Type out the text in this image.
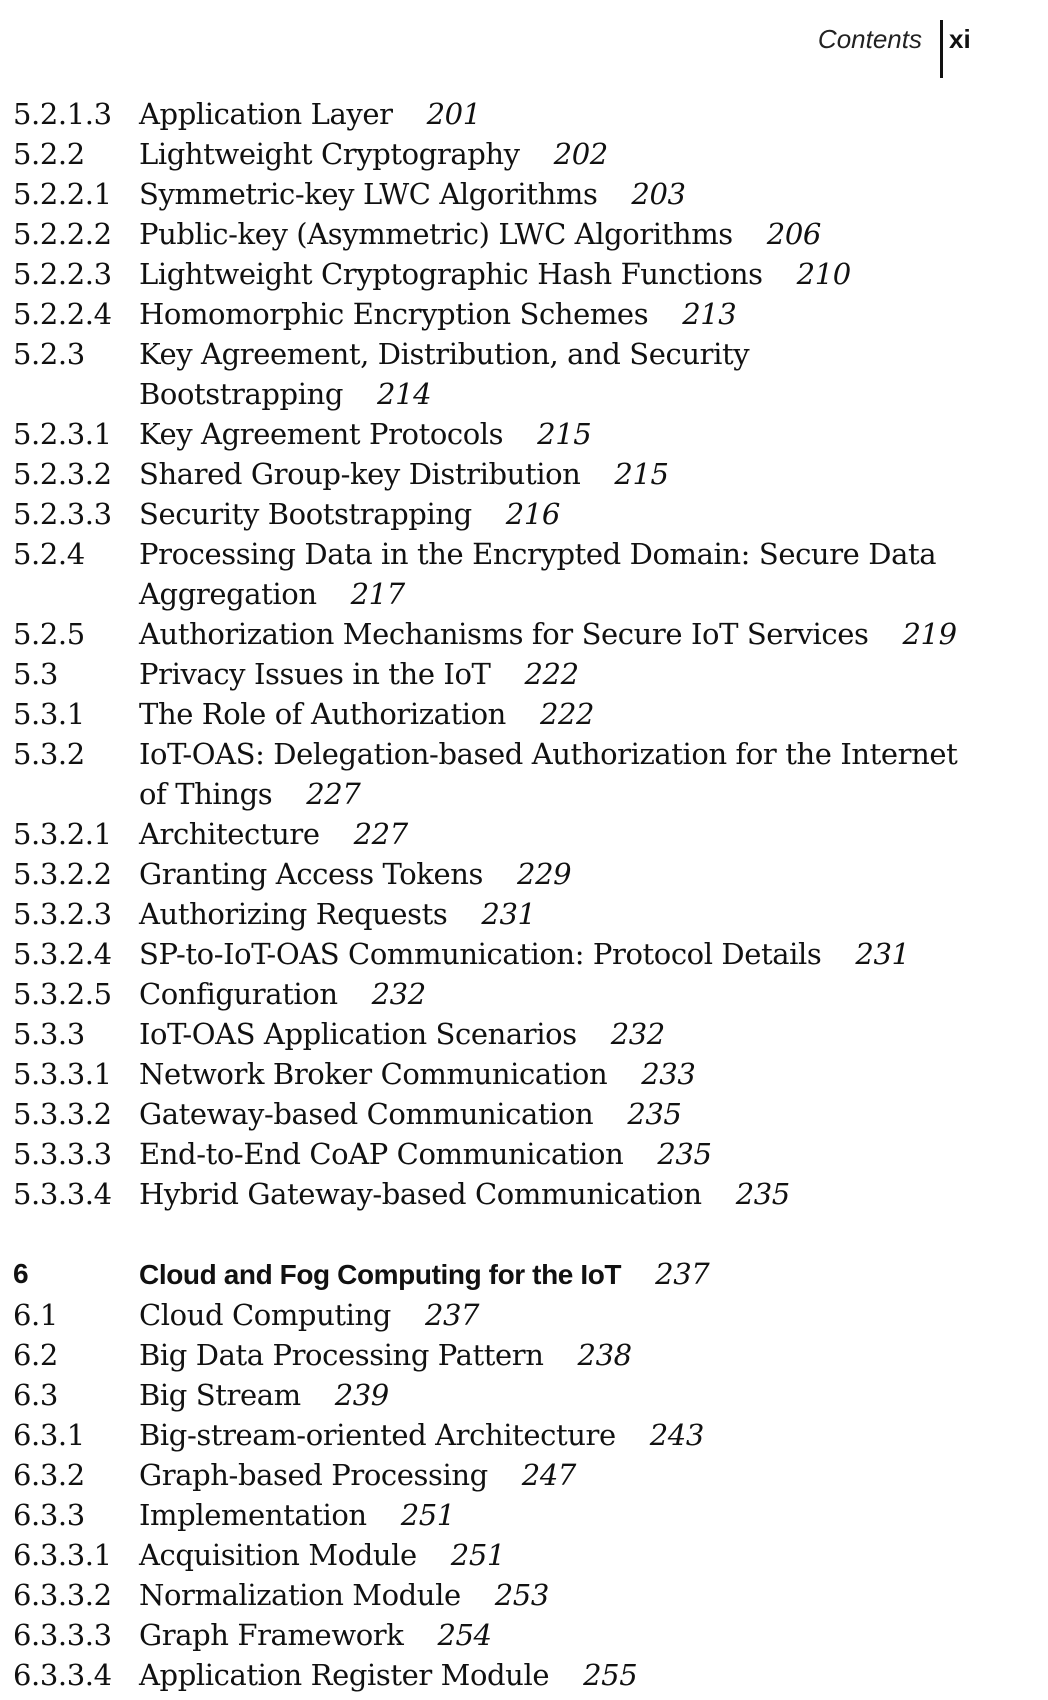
Contents	xi
5.2.1.3 Application Layer 201
5.2.2	Lightweight Cryptography 202
5.2.2.1 Symmetric-key LWC Algorithms 203
5.2.2.2 Public-key (Asymmetric) LWC Algorithms 206
5.2.2.3 Lightweight Cryptographic Hash Functions 210
5.2.2.4 Homomorphic Encryption Schemes 213
5.2.3	Key Agreement, Distribution, and Security
Bootstrapping 214
5.2.3.1 Key Agreement Protocols 215
5.2.3.2 Shared Group-key Distribution 215
5.2.3.3 Security Bootstrapping 216
5.2.4	Processing Data in the Encrypted Domain: Secure Data
Aggregation 217
5.2.5	Authorization Mechanisms for Secure IoT Services 219
5.3	Privacy Issues in the IoT 222
5.3.1	The Role of Authorization 222
5.3.2	IoT-OAS: Delegation-based Authorization for the Internet
of Things 227
5.3.2.1 Architecture 227
5.3.2.2 Granting Access Tokens 229
5.3.2.3 Authorizing Requests 231
5.3.2.4 SP-to-IoT-OAS Communication: Protocol Details 231
5.3.2.5 Configuration 232
5.3.3	IoT-OAS Application Scenarios 232
5.3.3.1 Network Broker Communication 233
5.3.3.2 Gateway-based Communication 235
5.3.3.3 End-to-End CoAP Communication 235
5.3.3.4 Hybrid Gateway-based Communication 235
6	Cloud and Fog Computing for the IoT 237
6.1	Cloud Computing 237
6.2	Big Data Processing Pattern 238
6.3	Big Stream 239
6.3.1	Big-stream-oriented Architecture 243
6.3.2	Graph-based Processing 247
6.3.3	Implementation 251
6.3.3.1 Acquisition Module 251
6.3.3.2 Normalization Module 253
6.3.3.3 Graph Framework 254
6.3.3.4 Application Register Module 255
